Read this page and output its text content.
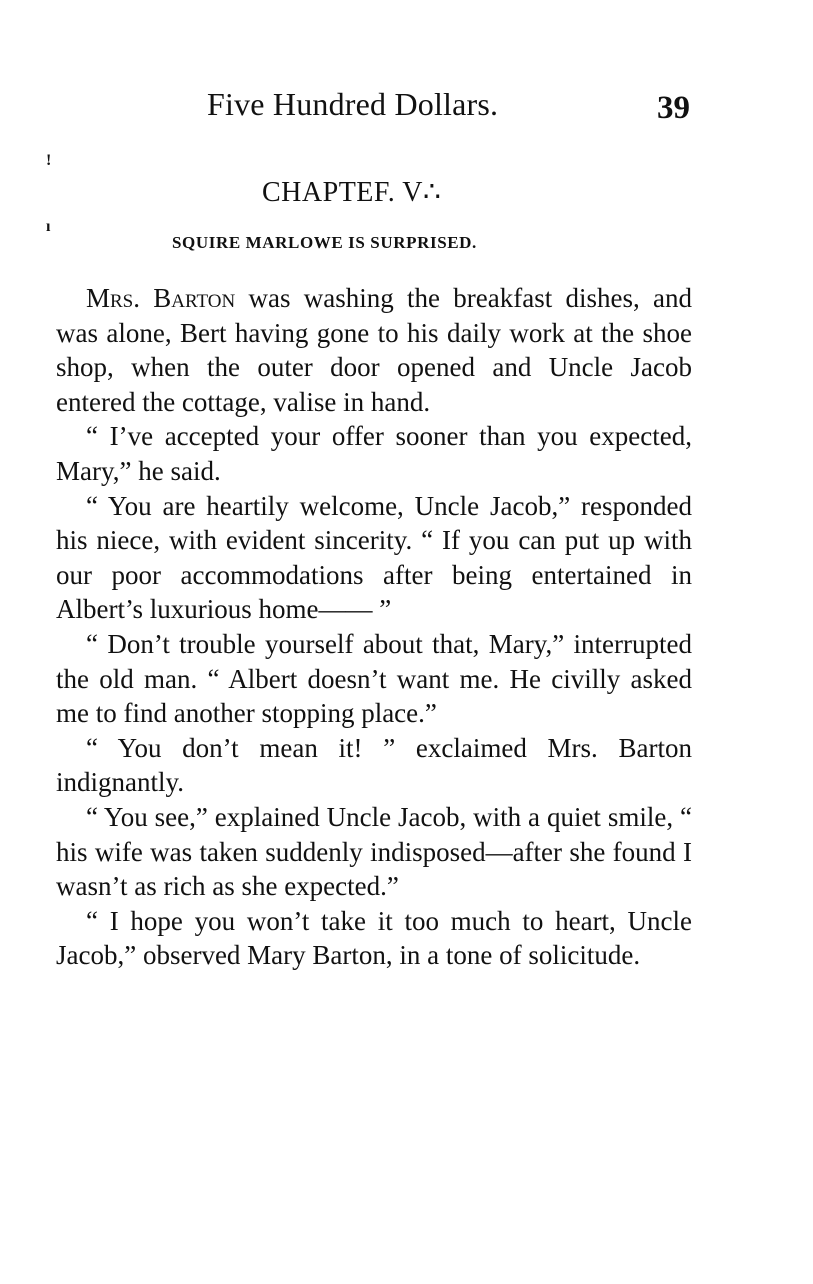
Five Hundred Dollars.	39
!
ı
CHAPTEF. V∴
SQUIRE MARLOWE IS SURPRISED.

Mrs. Barton was washing the breakfast dishes, and was alone, Bert having gone to his daily work at the shoe shop, when the outer door opened and Uncle Jacob entered the cottage, valise in hand.

“ I’ve accepted your offer sooner than you expected, Mary,” he said.

“ You are heartily welcome, Uncle Jacob,” responded his niece, with evident sincerity. “ If you can put up with our poor accommodations after being entertained in Albert’s luxurious home—— ”

“ Don’t trouble yourself about that, Mary,” interrupted the old man. “ Albert doesn’t want me. He civilly asked me to find another stopping place.”

“ You don’t mean it! ” exclaimed Mrs. Barton indignantly.

“ You see,” explained Uncle Jacob, with a quiet smile, “ his wife was taken suddenly indisposed—after she found I wasn’t as rich as she expected.”

“ I hope you won’t take it too much to heart, Uncle Jacob,” observed Mary Barton, in a tone of solicitude.
